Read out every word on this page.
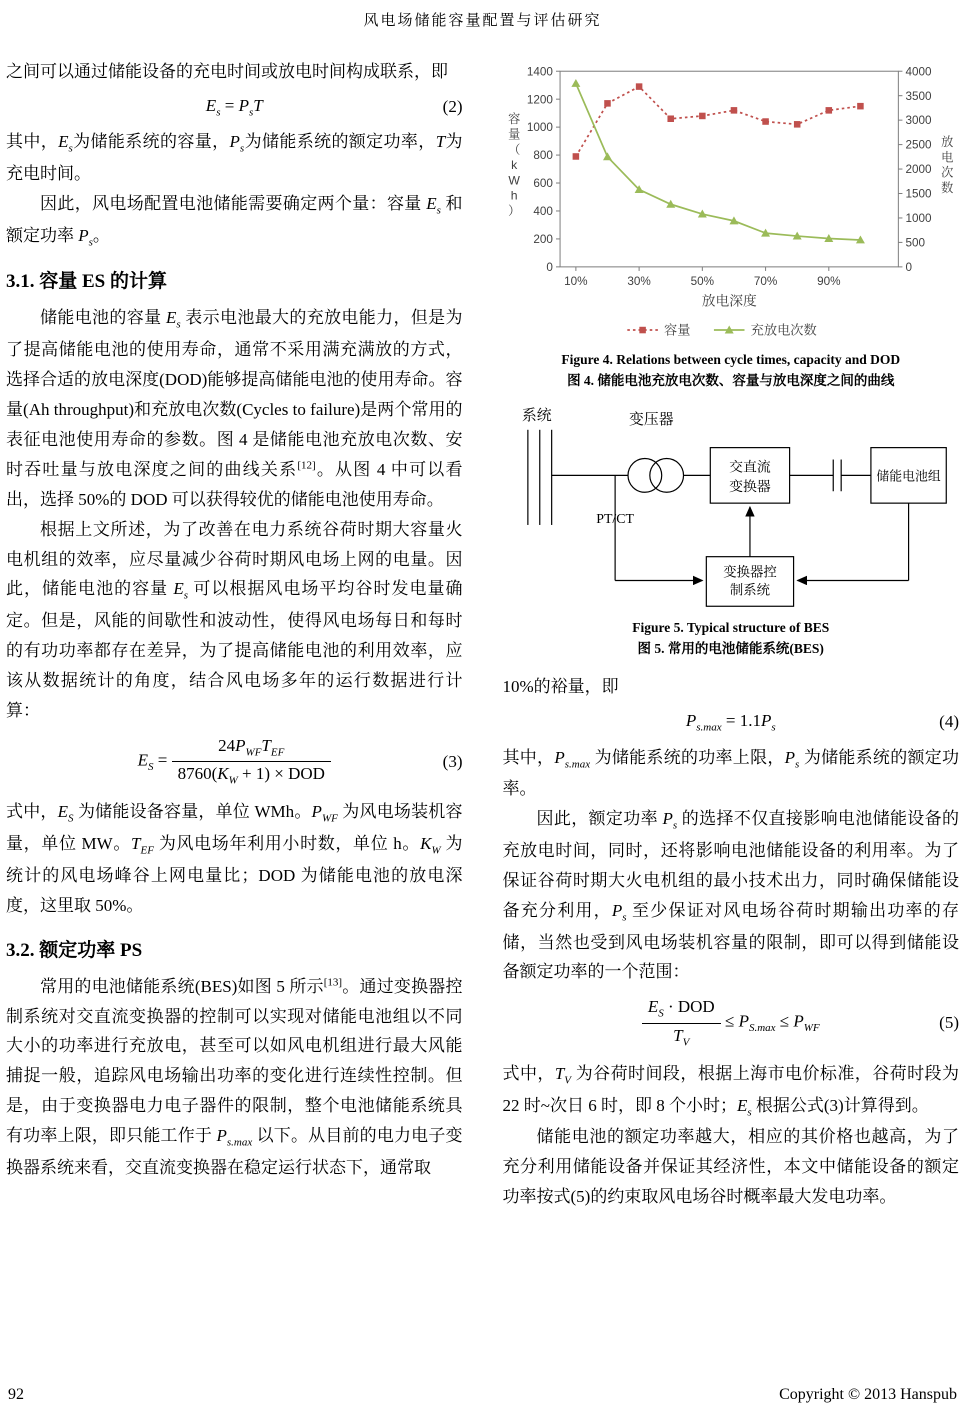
风电场储能容量配置与评估研究

之间可以通过储能设备的充电时间或放电时间构成联系，即

$E_s = P_sT$	(2)

其中，$E_s$为储能系统的容量，$P_s$为储能系统的额定功率，T为充电时间。

因此，风电场配置电池储能需要确定两个量：容量 $E_s$ 和额定功率 $P_s$。

3.1. 容量 ES 的计算

储能电池的容量 $E_s$ 表示电池最大的充放电能力，但是为了提高储能电池的使用寿命，通常不采用满充满放的方式，选择合适的放电深度(DOD)能够提高储能电池的使用寿命。容量(Ah throughput)和充放电次数(Cycles to failure)是两个常用的表征电池使用寿命的参数。图 4 是储能电池充放电次数、安时吞吐量与放电深度之间的曲线关系[12]。从图 4 中可以看出，选择 50%的 DOD 可以获得较优的储能电池使用寿命。

根据上文所述，为了改善在电力系统谷荷时期大容量火电机组的效率，应尽量减少谷荷时期风电场上网的电量。因此，储能电池的容量 $E_s$ 可以根据风电场平均谷时发电量确定。但是，风能的间歇性和波动性，使得风电场每日和每时的有功功率都存在差异，为了提高储能电池的利用效率，应该从数据统计的角度，结合风电场多年的运行数据进行计算：

$E_S = \frac{24P_{WF}T_{EF}}{8760(K_W + 1) \times DOD}$	(3)

式中，$E_S$ 为储能设备容量，单位 WMh。$P_{WF}$ 为风电场装机容量，单位 MW。$T_{EF}$ 为风电场年利用小时数，单位 h。$K_W$ 为统计的风电场峰谷上网电量比；DOD 为储能电池的放电深度，这里取 50%。

3.2. 额定功率 PS

常用的电池储能系统(BES)如图 5 所示[13]。通过变换器控制系统对交直流变换器的控制可以实现对储能电池组以不同大小的功率进行充放电，甚至可以如风电机组进行最大风能捕捉一般，追踪风电场输出功率的变化进行连续性控制。但是，由于变换器电力电子器件的限制，整个电池储能系统具有功率上限，即只能工作于 $P_{s.max}$ 以下。从目前的电力电子变换器系统来看，交直流变换器在稳定运行状态下，通常取

0
200
400
600
800
1000
1200
1400
0
500
1000
1500
2000
2500
3000
3500
4000
10%	30%	50%	70%	90%
放电深度
容量	充放电次数
容
量
（
k
W
h
）
放
电
次
数
Figure 4. Relations between cycle times, capacity and DOD
图 4. 储能电池充放电次数、容量与放电深度之间的曲线
系统	变压器
交直流
变换器
储能电池组
PT/CT
变换器控
制系统
Figure 5. Typical structure of BES
图 5. 常用的电池储能系统(BES)

10%的裕量，即

$P_{s.max} = 1.1P_s$	(4)

其中，$P_{s.max}$ 为储能系统的功率上限，$P_s$ 为储能系统的额定功率。

因此，额定功率 $P_s$ 的选择不仅直接影响电池储能设备的充放电时间，同时，还将影响电池储能设备的利用率。为了保证谷荷时期大火电机组的最小技术出力，同时确保储能设备充分利用，$P_s$ 至少保证对风电场谷荷时期输出功率的存储，当然也受到风电场装机容量的限制，即可以得到储能设备额定功率的一个范围：

$\frac{E_S \cdot DOD}{T_V} \le P_{S.max} \le P_{WF}$	(5)

式中，$T_V$ 为谷荷时间段，根据上海市电价标准，谷荷时段为 22 时~次日 6 时，即 8 个小时；$E_s$ 根据公式(3)计算得到。

储能电池的额定功率越大，相应的其价格也越高，为了充分利用储能设备并保证其经济性，本文中储能设备的额定功率按式(5)的约束取风电场谷时概率最大发电功率。

92	Copyright © 2013 Hanspub
